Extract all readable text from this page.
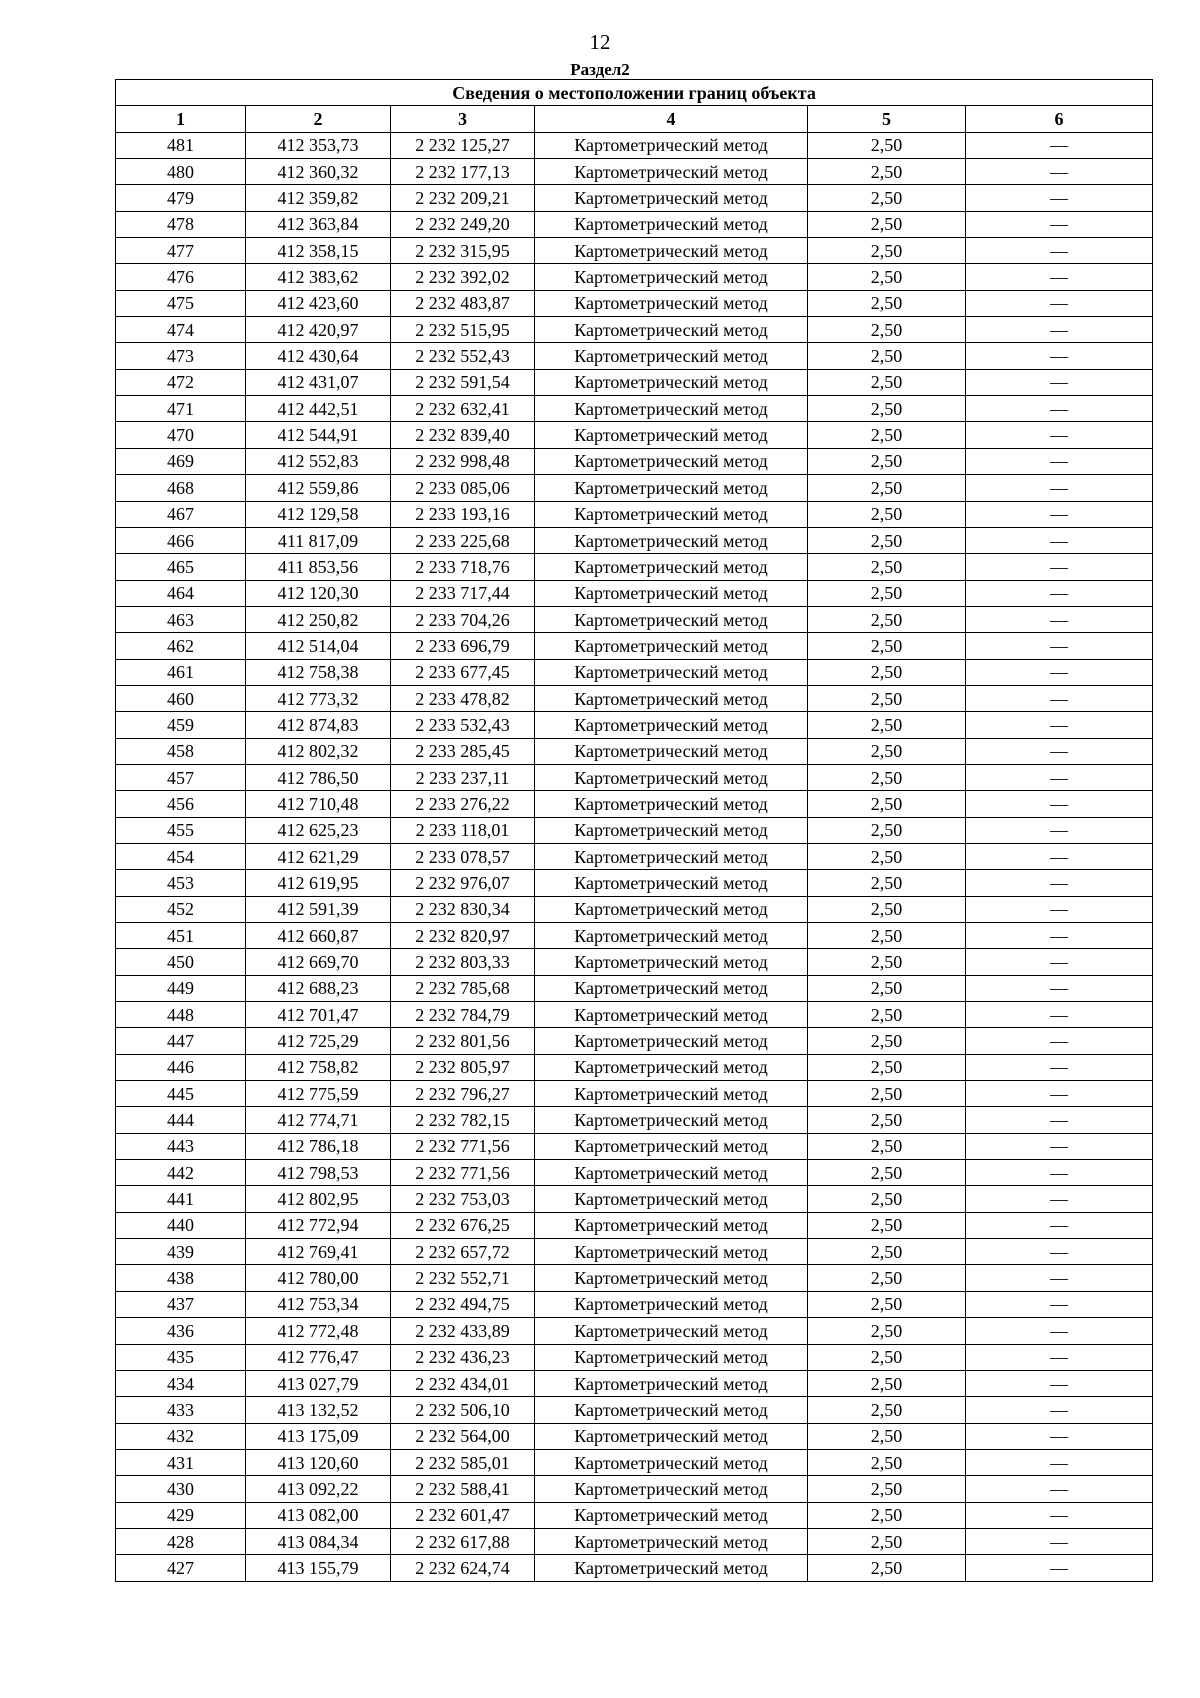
12
Раздел2
Сведения о местоположении границ объекта					
1	2	3	4	5	6
481	412 353,73	2 232 125,27	Картометрический метод	2,50	—
480	412 360,32	2 232 177,13	Картометрический метод	2,50	—
479	412 359,82	2 232 209,21	Картометрический метод	2,50	—
478	412 363,84	2 232 249,20	Картометрический метод	2,50	—
477	412 358,15	2 232 315,95	Картометрический метод	2,50	—
476	412 383,62	2 232 392,02	Картометрический метод	2,50	—
475	412 423,60	2 232 483,87	Картометрический метод	2,50	—
474	412 420,97	2 232 515,95	Картометрический метод	2,50	—
473	412 430,64	2 232 552,43	Картометрический метод	2,50	—
472	412 431,07	2 232 591,54	Картометрический метод	2,50	—
471	412 442,51	2 232 632,41	Картометрический метод	2,50	—
470	412 544,91	2 232 839,40	Картометрический метод	2,50	—
469	412 552,83	2 232 998,48	Картометрический метод	2,50	—
468	412 559,86	2 233 085,06	Картометрический метод	2,50	—
467	412 129,58	2 233 193,16	Картометрический метод	2,50	—
466	411 817,09	2 233 225,68	Картометрический метод	2,50	—
465	411 853,56	2 233 718,76	Картометрический метод	2,50	—
464	412 120,30	2 233 717,44	Картометрический метод	2,50	—
463	412 250,82	2 233 704,26	Картометрический метод	2,50	—
462	412 514,04	2 233 696,79	Картометрический метод	2,50	—
461	412 758,38	2 233 677,45	Картометрический метод	2,50	—
460	412 773,32	2 233 478,82	Картометрический метод	2,50	—
459	412 874,83	2 233 532,43	Картометрический метод	2,50	—
458	412 802,32	2 233 285,45	Картометрический метод	2,50	—
457	412 786,50	2 233 237,11	Картометрический метод	2,50	—
456	412 710,48	2 233 276,22	Картометрический метод	2,50	—
455	412 625,23	2 233 118,01	Картометрический метод	2,50	—
454	412 621,29	2 233 078,57	Картометрический метод	2,50	—
453	412 619,95	2 232 976,07	Картометрический метод	2,50	—
452	412 591,39	2 232 830,34	Картометрический метод	2,50	—
451	412 660,87	2 232 820,97	Картометрический метод	2,50	—
450	412 669,70	2 232 803,33	Картометрический метод	2,50	—
449	412 688,23	2 232 785,68	Картометрический метод	2,50	—
448	412 701,47	2 232 784,79	Картометрический метод	2,50	—
447	412 725,29	2 232 801,56	Картометрический метод	2,50	—
446	412 758,82	2 232 805,97	Картометрический метод	2,50	—
445	412 775,59	2 232 796,27	Картометрический метод	2,50	—
444	412 774,71	2 232 782,15	Картометрический метод	2,50	—
443	412 786,18	2 232 771,56	Картометрический метод	2,50	—
442	412 798,53	2 232 771,56	Картометрический метод	2,50	—
441	412 802,95	2 232 753,03	Картометрический метод	2,50	—
440	412 772,94	2 232 676,25	Картометрический метод	2,50	—
439	412 769,41	2 232 657,72	Картометрический метод	2,50	—
438	412 780,00	2 232 552,71	Картометрический метод	2,50	—
437	412 753,34	2 232 494,75	Картометрический метод	2,50	—
436	412 772,48	2 232 433,89	Картометрический метод	2,50	—
435	412 776,47	2 232 436,23	Картометрический метод	2,50	—
434	413 027,79	2 232 434,01	Картометрический метод	2,50	—
433	413 132,52	2 232 506,10	Картометрический метод	2,50	—
432	413 175,09	2 232 564,00	Картометрический метод	2,50	—
431	413 120,60	2 232 585,01	Картометрический метод	2,50	—
430	413 092,22	2 232 588,41	Картометрический метод	2,50	—
429	413 082,00	2 232 601,47	Картометрический метод	2,50	—
428	413 084,34	2 232 617,88	Картометрический метод	2,50	—
427	413 155,79	2 232 624,74	Картометрический метод	2,50	—
